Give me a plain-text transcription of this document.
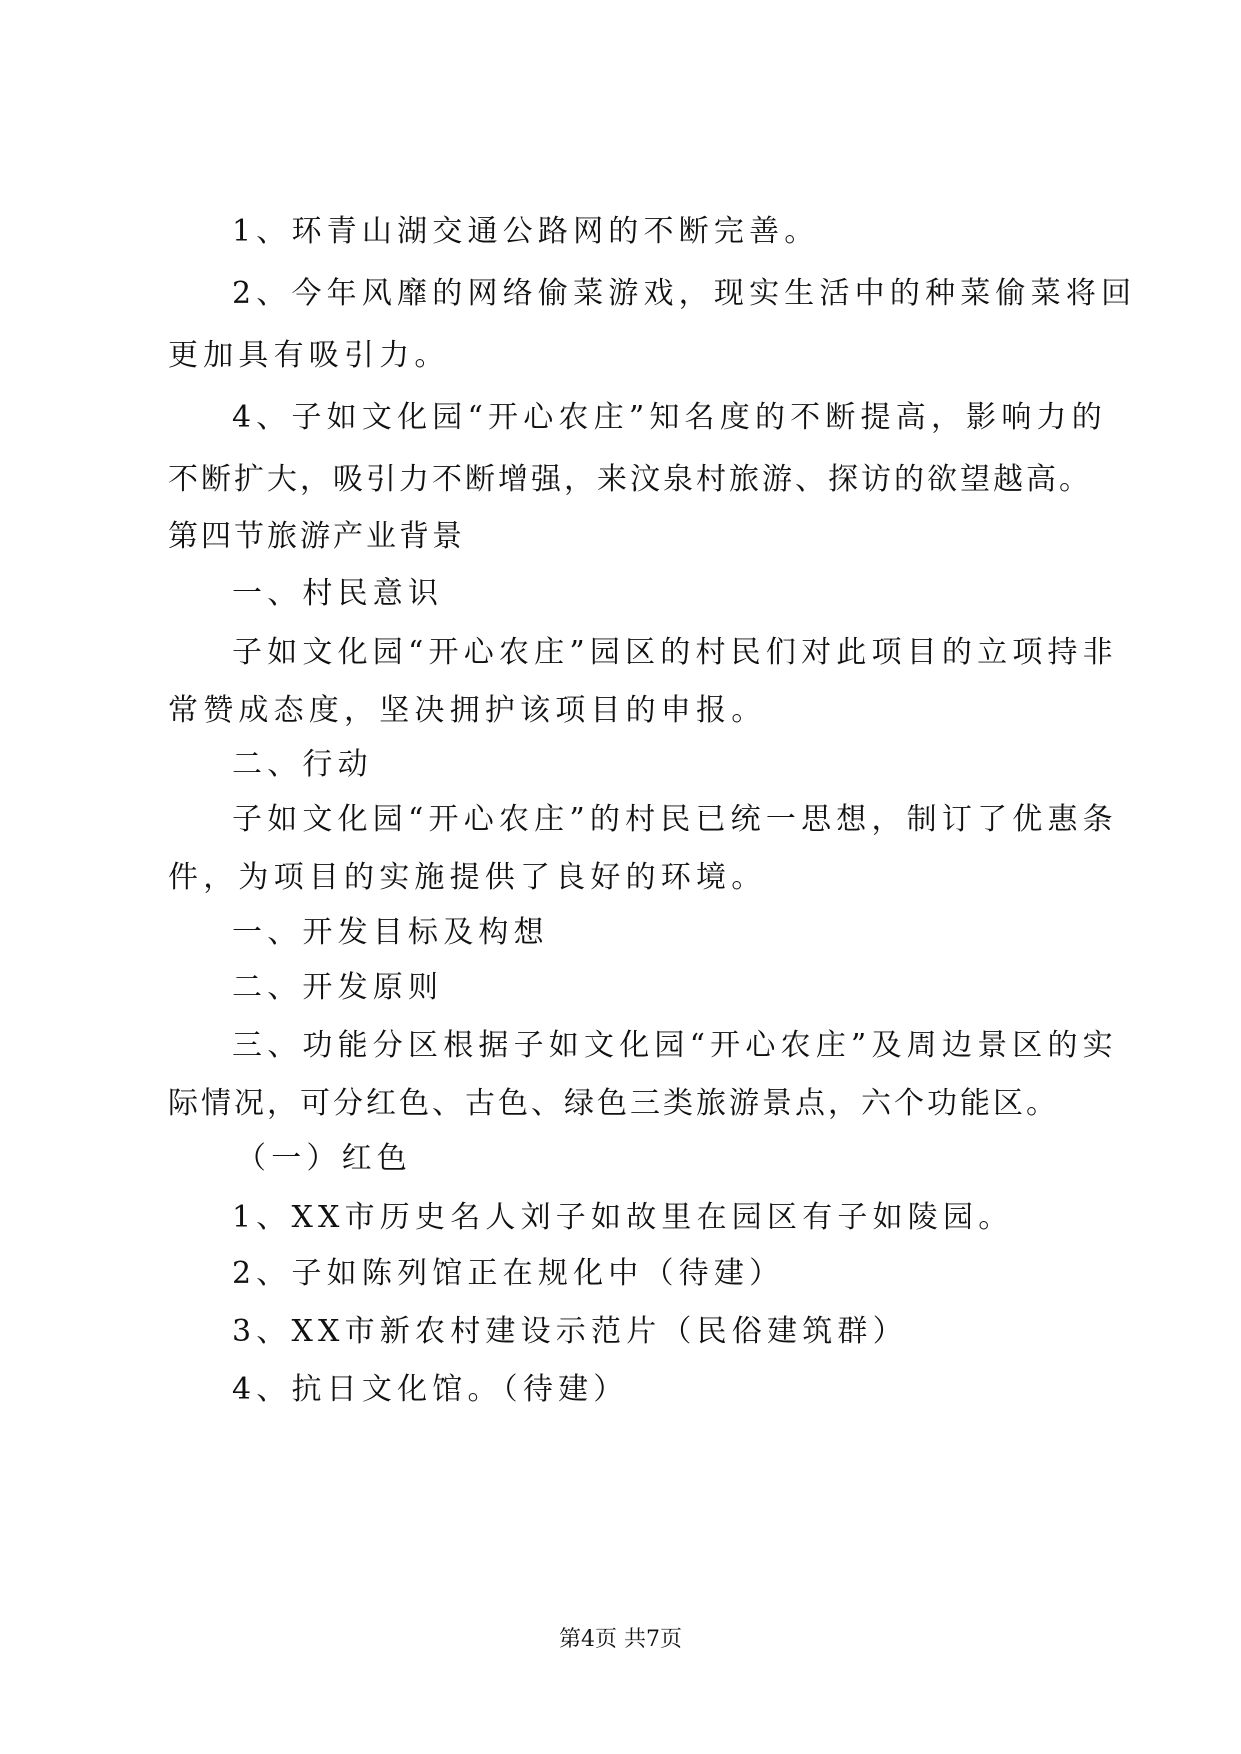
1、环青山湖交通公路网的不断完善。
2、今年风靡的网络偷菜游戏，现实生活中的种菜偷菜将回
更加具有吸引力。
4、子如文化园“开心农庄”知名度的不断提高，影响力的
不断扩大，吸引力不断增强，来汶泉村旅游、探访的欲望越高。
第四节旅游产业背景
一、村民意识
子如文化园“开心农庄”园区的村民们对此项目的立项持非
常赞成态度，坚决拥护该项目的申报。
二、行动
子如文化园“开心农庄”的村民已统一思想，制订了优惠条
件，为项目的实施提供了良好的环境。
一、开发目标及构想
二、开发原则
三、功能分区根据子如文化园“开心农庄”及周边景区的实
际情况，可分红色、古色、绿色三类旅游景点，六个功能区。
（一）红色
1、XX市历史名人刘子如故里在园区有子如陵园。
2、子如陈列馆正在规化中（待建）
3、XX市新农村建设示范片（民俗建筑群）
4、抗日文化馆。（待建）
第4页 共7页
